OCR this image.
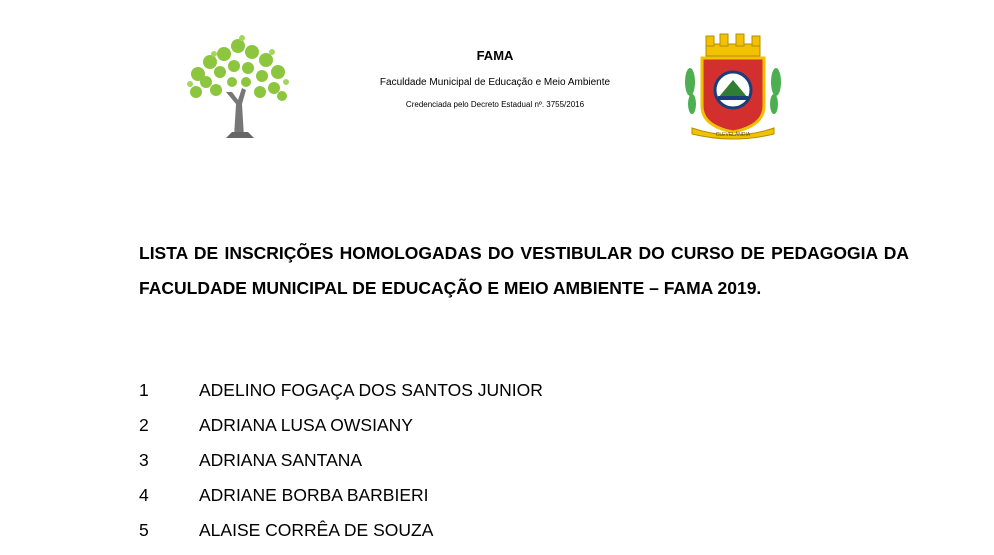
FAMA

Faculdade Municipal de Educação e Meio Ambiente

Credenciada pelo Decreto Estadual nº. 3755/2016

CLEVELÂNDIA

LISTA DE INSCRIÇÕES HOMOLOGADAS DO VESTIBULAR DO CURSO DE PEDAGOGIA DA FACULDADE MUNICIPAL DE EDUCAÇÃO E MEIO AMBIENTE – FAMA 2019.

1	ADELINO FOGAÇA DOS SANTOS JUNIOR
2	ADRIANA LUSA OWSIANY
3	ADRIANA SANTANA
4	ADRIANE BORBA BARBIERI
5	ALAISE CORRÊA DE SOUZA
